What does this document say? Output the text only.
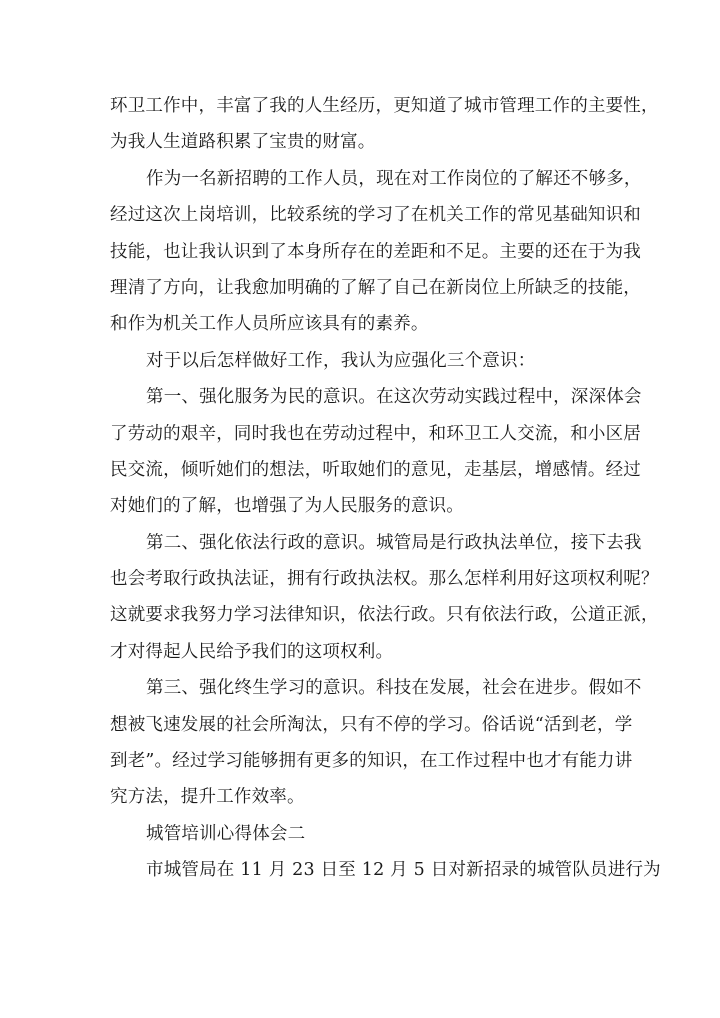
环卫工作中，丰富了我的人生经历，更知道了城市管理工作的主要性，
为我人生道路积累了宝贵的财富。
作为一名新招聘的工作人员，现在对工作岗位的了解还不够多，
经过这次上岗培训，比较系统的学习了在机关工作的常见基础知识和
技能，也让我认识到了本身所存在的差距和不足。主要的还在于为我
理清了方向，让我愈加明确的了解了自己在新岗位上所缺乏的技能，
和作为机关工作人员所应该具有的素养。
对于以后怎样做好工作，我认为应强化三个意识：
第一、强化服务为民的意识。在这次劳动实践过程中，深深体会
了劳动的艰辛，同时我也在劳动过程中，和环卫工人交流，和小区居
民交流，倾听她们的想法，听取她们的意见，走基层，增感情。经过
对她们的了解，也增强了为人民服务的意识。
第二、强化依法行政的意识。城管局是行政执法单位，接下去我
也会考取行政执法证，拥有行政执法权。那么怎样利用好这项权利呢？
这就要求我努力学习法律知识，依法行政。只有依法行政，公道正派，
才对得起人民给予我们的这项权利。
第三、强化终生学习的意识。科技在发展，社会在进步。假如不
想被飞速发展的社会所淘汰，只有不停的学习。俗话说“活到老，学
到老”。经过学习能够拥有更多的知识，在工作过程中也才有能力讲
究方法，提升工作效率。
城管培训心得体会二
市城管局在 11 月 23 日至 12 月 5 日对新招录的城管队员进行为
